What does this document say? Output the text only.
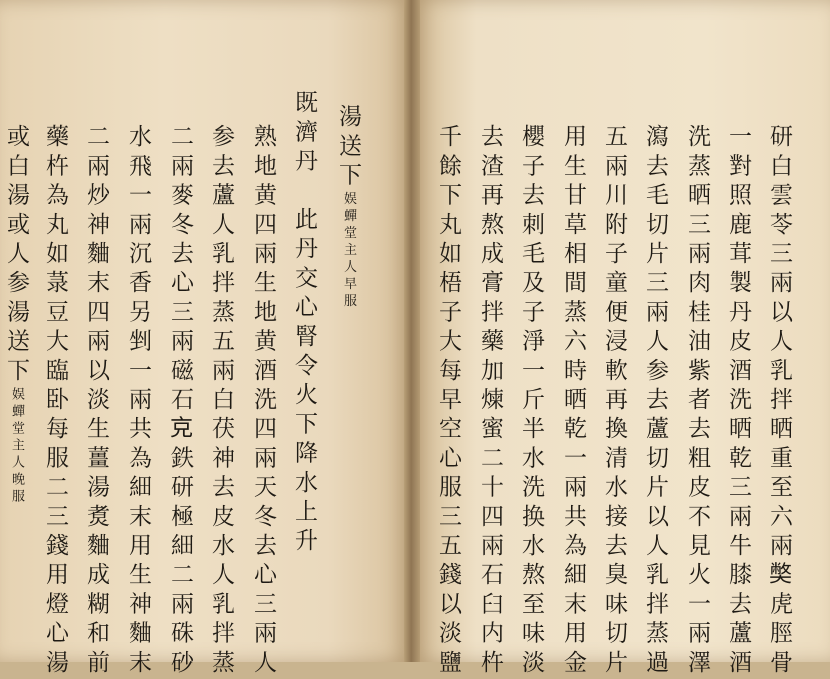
湯送下娱蟬堂主人早服
既濟丹　此丹交心腎令火下降水上升
熟地黄四兩生地黄酒洗四兩天冬去心三兩人
参去蘆人乳拌蒸五兩白茯神去皮水人乳拌蒸
二兩麥冬去心三兩磁石𠑽鉄研極細二兩硃砂
水飛一兩沉香另剉一兩共為細末用生神麯末
二兩炒神麯末四兩以淡生薑湯煑麯成糊和前
藥杵為丸如菉豆大臨卧每服二三錢用燈心湯
或白湯或人参湯送下娱蟬堂主人晚服	研白雲苓三兩以人乳拌晒重至六兩𡚁虎脛骨
一對照鹿茸製丹皮酒洗晒乾三兩牛膝去蘆酒
洗蒸晒三兩肉桂油紫者去粗皮不見火一兩澤
瀉去毛切片三兩人参去蘆切片以人乳拌蒸過
五兩川附子童便浸軟再換清水接去臭味切片
用生甘草相間蒸六時晒乾一兩共為細末用金
櫻子去刺毛及子淨一斤半水洗换水熬至味淡
去渣再熬成膏拌藥加煉蜜二十四兩石臼内杵
千餘下丸如梧子大每早空心服三五錢以淡鹽
